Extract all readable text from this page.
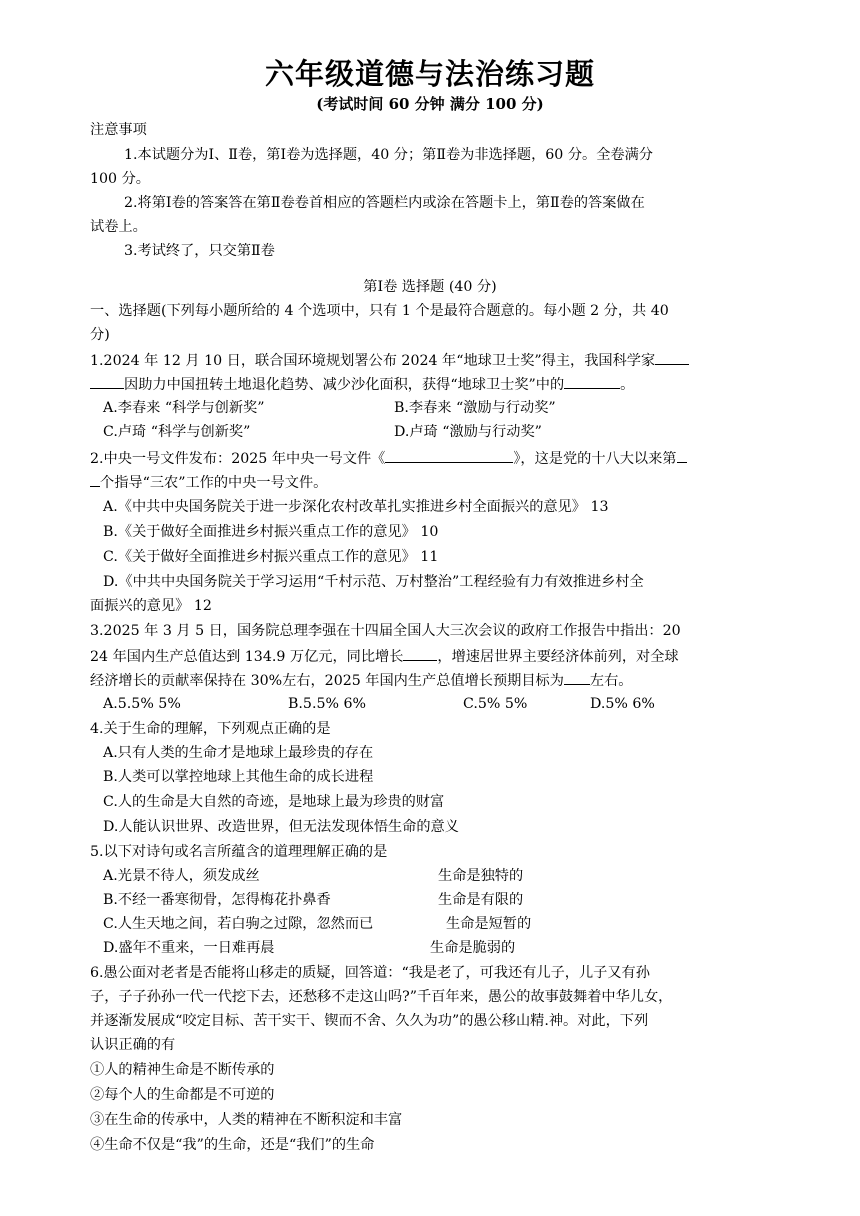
六年级道德与法治练习题
(考试时间 60 分钟 满分 100 分)
注意事项
1.本试题分为Ⅰ、Ⅱ卷，第Ⅰ卷为选择题，40 分；第Ⅱ卷为非选择题，60 分。全卷满分
100 分。
2.将第Ⅰ卷的答案答在第Ⅱ卷卷首相应的答题栏内或涂在答题卡上，第Ⅱ卷的答案做在
试卷上。
3.考试终了，只交第Ⅱ卷
第Ⅰ卷 选择题 (40 分)
一、选择题(下列每小题所给的 4 个选项中，只有 1 个是最符合题意的。每小题 2 分，共 40
分)
1.2024 年 12 月 10 日，联合国环境规划署公布 2024 年“地球卫士奖”得主，我国科学家
因助力中国扭转土地退化趋势、减少沙化面积，获得“地球卫士奖”中的	。
A.李春来 “科学与创新奖”	B.李春来 “激励与行动奖”
C.卢琦 “科学与创新奖”	D.卢琦 “激励与行动奖”
2.中央一号文件发布：2025 年中央一号文件《	》，这是党的十八大以来第
个指导“三农”工作的中央一号文件。
A.《中共中央国务院关于进一步深化农村改革扎实推进乡村全面振兴的意见》 13
B.《关于做好全面推进乡村振兴重点工作的意见》 10
C.《关于做好全面推进乡村振兴重点工作的意见》 11
D.《中共中央国务院关于学习运用“千村示范、万村整治”工程经验有力有效推进乡村全
面振兴的意见》 12
3.2025 年 3 月 5 日，国务院总理李强在十四届全国人大三次会议的政府工作报告中指出：20
24 年国内生产总值达到 134.9 万亿元，同比增长 ，增速居世界主要经济体前列，对全球
经济增长的贡献率保持在 30%左右，2025 年国内生产总值增长预期目标为 左右。
A.5.5% 5%	B.5.5% 6%	C.5% 5%	D.5% 6%
4.关于生命的理解，下列观点正确的是
A.只有人类的生命才是地球上最珍贵的存在
B.人类可以掌控地球上其他生命的成长进程
C.人的生命是大自然的奇迹，是地球上最为珍贵的财富
D.人能认识世界、改造世界，但无法发现体悟生命的意义
5.以下对诗句或名言所蕴含的道理理解正确的是
A.光景不待人，须发成丝	生命是独特的
B.不经一番寒彻骨，怎得梅花扑鼻香	生命是有限的
C.人生天地之间，若白驹之过隙，忽然而已	生命是短暂的
D.盛年不重来，一日难再晨	生命是脆弱的
6.愚公面对老者是否能将山移走的质疑，回答道：“我是老了，可我还有儿子，儿子又有孙
子，子子孙孙一代一代挖下去，还愁移不走这山吗?”千百年来，愚公的故事鼓舞着中华儿女，
并逐渐发展成“咬定目标、苦干实干、锲而不舍、久久为功”的愚公移山精.神。对此，下列
认识正确的有
①人的精神生命是不断传承的
②每个人的生命都是不可逆的
③在生命的传承中，人类的精神在不断积淀和丰富
④生命不仅是“我”的生命，还是“我们”的生命
